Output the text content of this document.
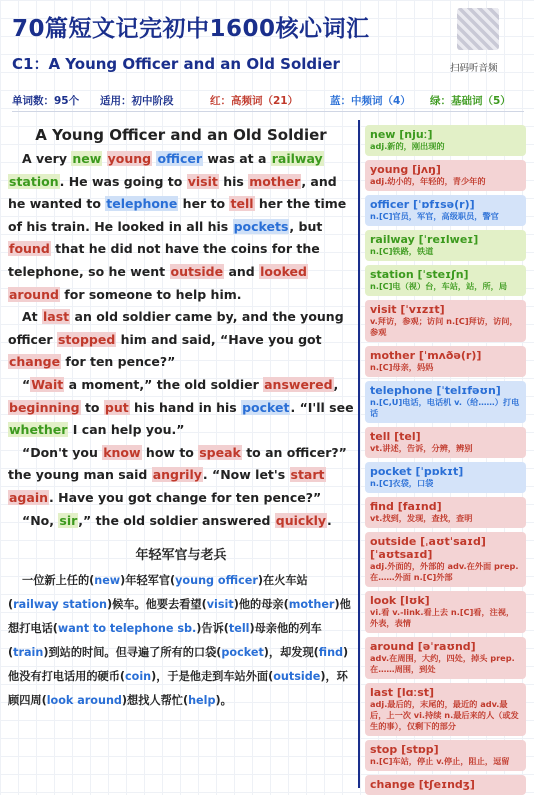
70篇短文记完初中1600核心词汇
C1：A Young Officer and an Old Soldier	扫码听音频
单词数：95个	适用：初中阶段	红：高频词（21）	蓝：中频词（4）	绿：基础词（5）
A Young Officer and an Old Soldier

A very new young officer was at a railway station. He was going to visit his mother, and he wanted to telephone her to tell her the time of his train. He looked in all his pockets, but found that he did not have the coins for the telephone, so he went outside and looked around for someone to help him.

At last an old soldier came by, and the young officer stopped him and said, “Have you got change for ten pence?”

“Wait a moment,” the old soldier answered, beginning to put his hand in his pocket. “I'll see whether I can help you.”

“Don't you know how to speak to an officer?” the young man said angrily. “Now let's start again. Have you got change for ten pence?”

“No, sir,” the old soldier answered quickly.

年轻军官与老兵
一位新上任的(new)年轻军官(young officer)在火车站(railway station)候车。他要去看望(visit)他的母亲(mother)他想打电话(want to telephone sb.)告诉(tell)母亲他的列车(train)到站的时间。但寻遍了所有的口袋(pocket)，却发现(find)他没有打电话用的硬币(coin)，于是他走到车站外面(outside)，环顾四周(look around)想找人帮忙(help)。
new [njuː]
adj.新的，刚出现的
young [jʌŋ]
adj.幼小的，年轻的，青少年的
officer [ˈɒfɪsə(r)]
n.[C]官员，军官，高级职员，警官
railway [ˈreɪlweɪ]
n.[C]铁路，铁道
station [ˈsteɪʃn]
n.[C]电（视）台，车站，站，所，局
visit [ˈvɪzɪt]
v.拜访，参观；访问 n.[C]拜访，访问，参观
mother [ˈmʌðə(r)]
n.[C]母亲，妈妈
telephone [ˈtelɪfəʊn]
n.[C,U]电话，电话机 v.（给……）打电话
tell [tel]
vt.讲述，告诉，分辨，辨别
pocket [ˈpɒkɪt]
n.[C]衣袋，口袋
find [faɪnd]
vt.找到，发现，查找，查明
outside [ˌaʊtˈsaɪd] [ˈaʊtsaɪd]
adj.外面的，外部的 adv.在外面 prep.在……外面 n.[C]外部
look [lʊk]
vi.看 v.-link.看上去 n.[C]看，注视，外表，表情
around [əˈraʊnd]
adv.在周围，大约，四处，掉头 prep.在……周围，到处
last [lɑːst]
adj.最后的，末尾的，最近的 adv.最后，上一次 vi.持续 n.最后来的人（或发生的事），仅剩下的部分
stop [stɒp]
n.[C]车站，停止 v.停止，阻止，逗留
change [tʃeɪndʒ]
